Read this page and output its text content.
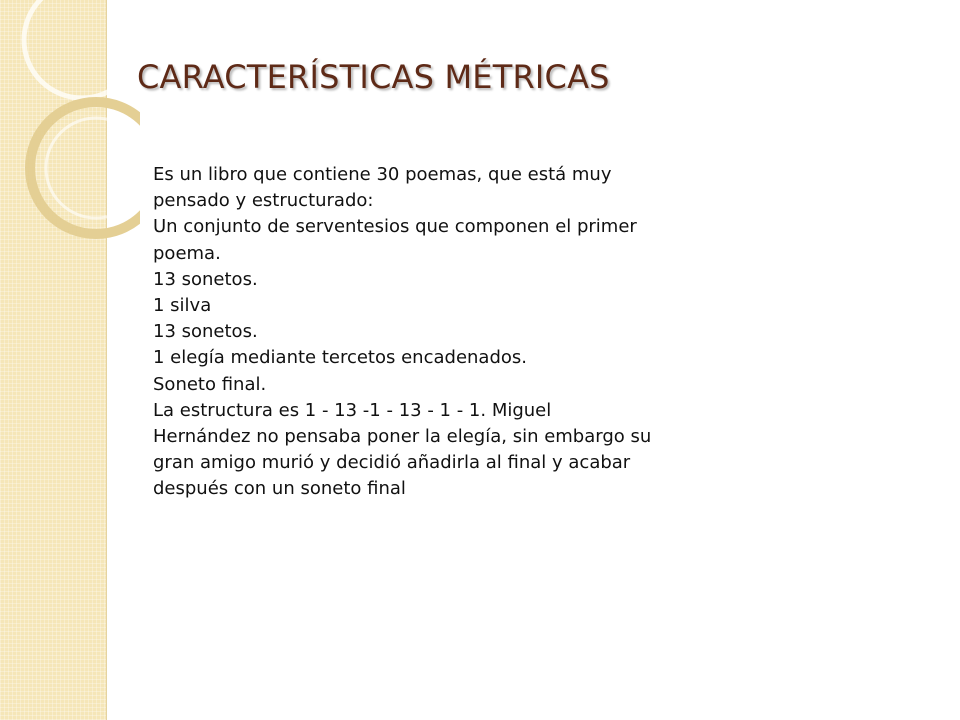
CARACTERÍSTICAS MÉTRICAS
Es un libro que contiene 30 poemas, que está muy
pensado y estructurado:
Un conjunto de serventesios que componen el primer
poema.
13 sonetos.
1 silva
13 sonetos.
1 elegía mediante tercetos encadenados.
Soneto final.
La estructura es 1 - 13 -1 - 13 - 1 - 1. Miguel
Hernández no pensaba poner la elegía, sin embargo su
gran amigo murió y decidió añadirla al final y acabar
después con un soneto final
